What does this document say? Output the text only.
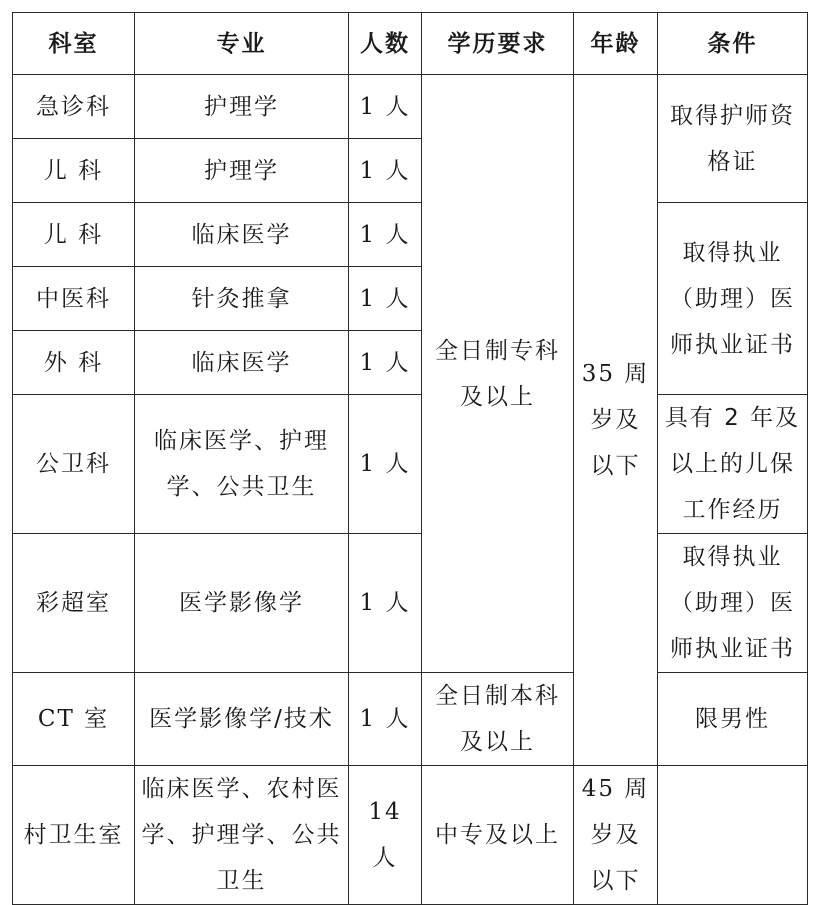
科室	专业	人数	学历要求	年龄	条件
急诊科	护理学	1 人	全日制专科及以上	35 周岁及以下	取得护师资格证
儿 科	护理学	1 人			
儿 科	临床医学	1 人			取得执业（助理）医师执业证书
中医科	针灸推拿	1 人			
外 科	临床医学	1 人			
公卫科	临床医学、护理学、公共卫生	1 人			具有 2 年及以上的儿保工作经历
彩超室	医学影像学	1 人			取得执业（助理）医师执业证书
CT 室	医学影像学/技术	1 人	全日制本科及以上		限男性
村卫生室	临床医学、农村医学、护理学、公共卫生	14 人	中专及以上	45 周岁及以下	
